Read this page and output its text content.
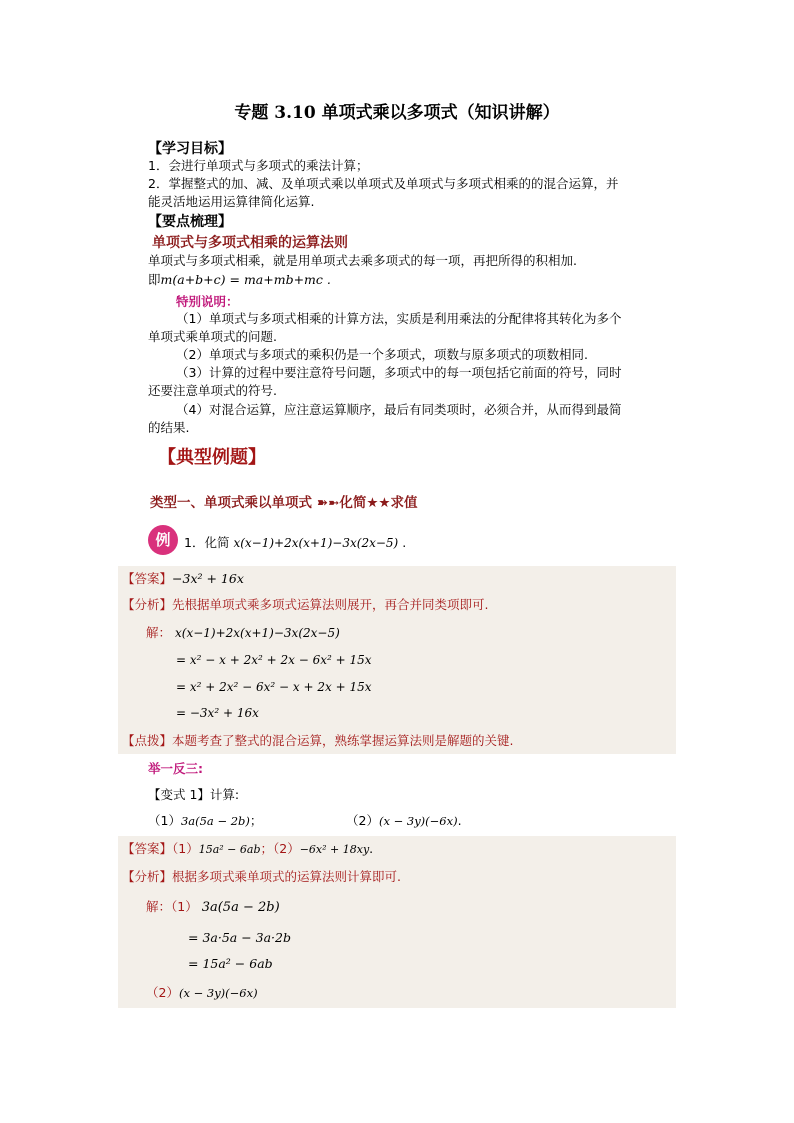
专题 3.10 单项式乘以多项式（知识讲解）
【学习目标】
1．会进行单项式与多项式的乘法计算；
2．掌握整式的加、减、及单项式乘以单项式及单项式与多项式相乘的的混合运算，并
能灵活地运用运算律简化运算.
【要点梳理】
单项式与多项式相乘的运算法则
单项式与多项式相乘，就是用单项式去乘多项式的每一项，再把所得的积相加.
即m(a+b+c) = ma+mb+mc .
特别说明：
（1）单项式与多项式相乘的计算方法，实质是利用乘法的分配律将其转化为多个
单项式乘单项式的问题.
（2）单项式与多项式的乘积仍是一个多项式，项数与原多项式的项数相同.
（3）计算的过程中要注意符号问题，多项式中的每一项包括它前面的符号，同时
还要注意单项式的符号.
（4）对混合运算，应注意运算顺序，最后有同类项时，必须合并，从而得到最简
的结果.
【典型例题】
类型一、单项式乘以单项式 ➽➼化简★★求值
例	1．化简 x(x−1)+2x(x+1)−3x(2x−5) .
【答案】−3x² + 16x
【分析】先根据单项式乘多项式运算法则展开，再合并同类项即可.
解： x(x−1)+2x(x+1)−3x(2x−5)
= x² − x + 2x² + 2x − 6x² + 15x
= x² + 2x² − 6x² − x + 2x + 15x
= −3x² + 16x
【点拨】本题考查了整式的混合运算，熟练掌握运算法则是解题的关键.
举一反三:
【变式 1】计算:
（1）3a(5a − 2b)；	（2）(x − 3y)(−6x).
【答案】（1）15a² − 6ab；（2）−6x² + 18xy.
【分析】根据多项式乘单项式的运算法则计算即可.
解：（1） 3a(5a − 2b)
= 3a·5a − 3a·2b
= 15a² − 6ab
（2）(x − 3y)(−6x)
